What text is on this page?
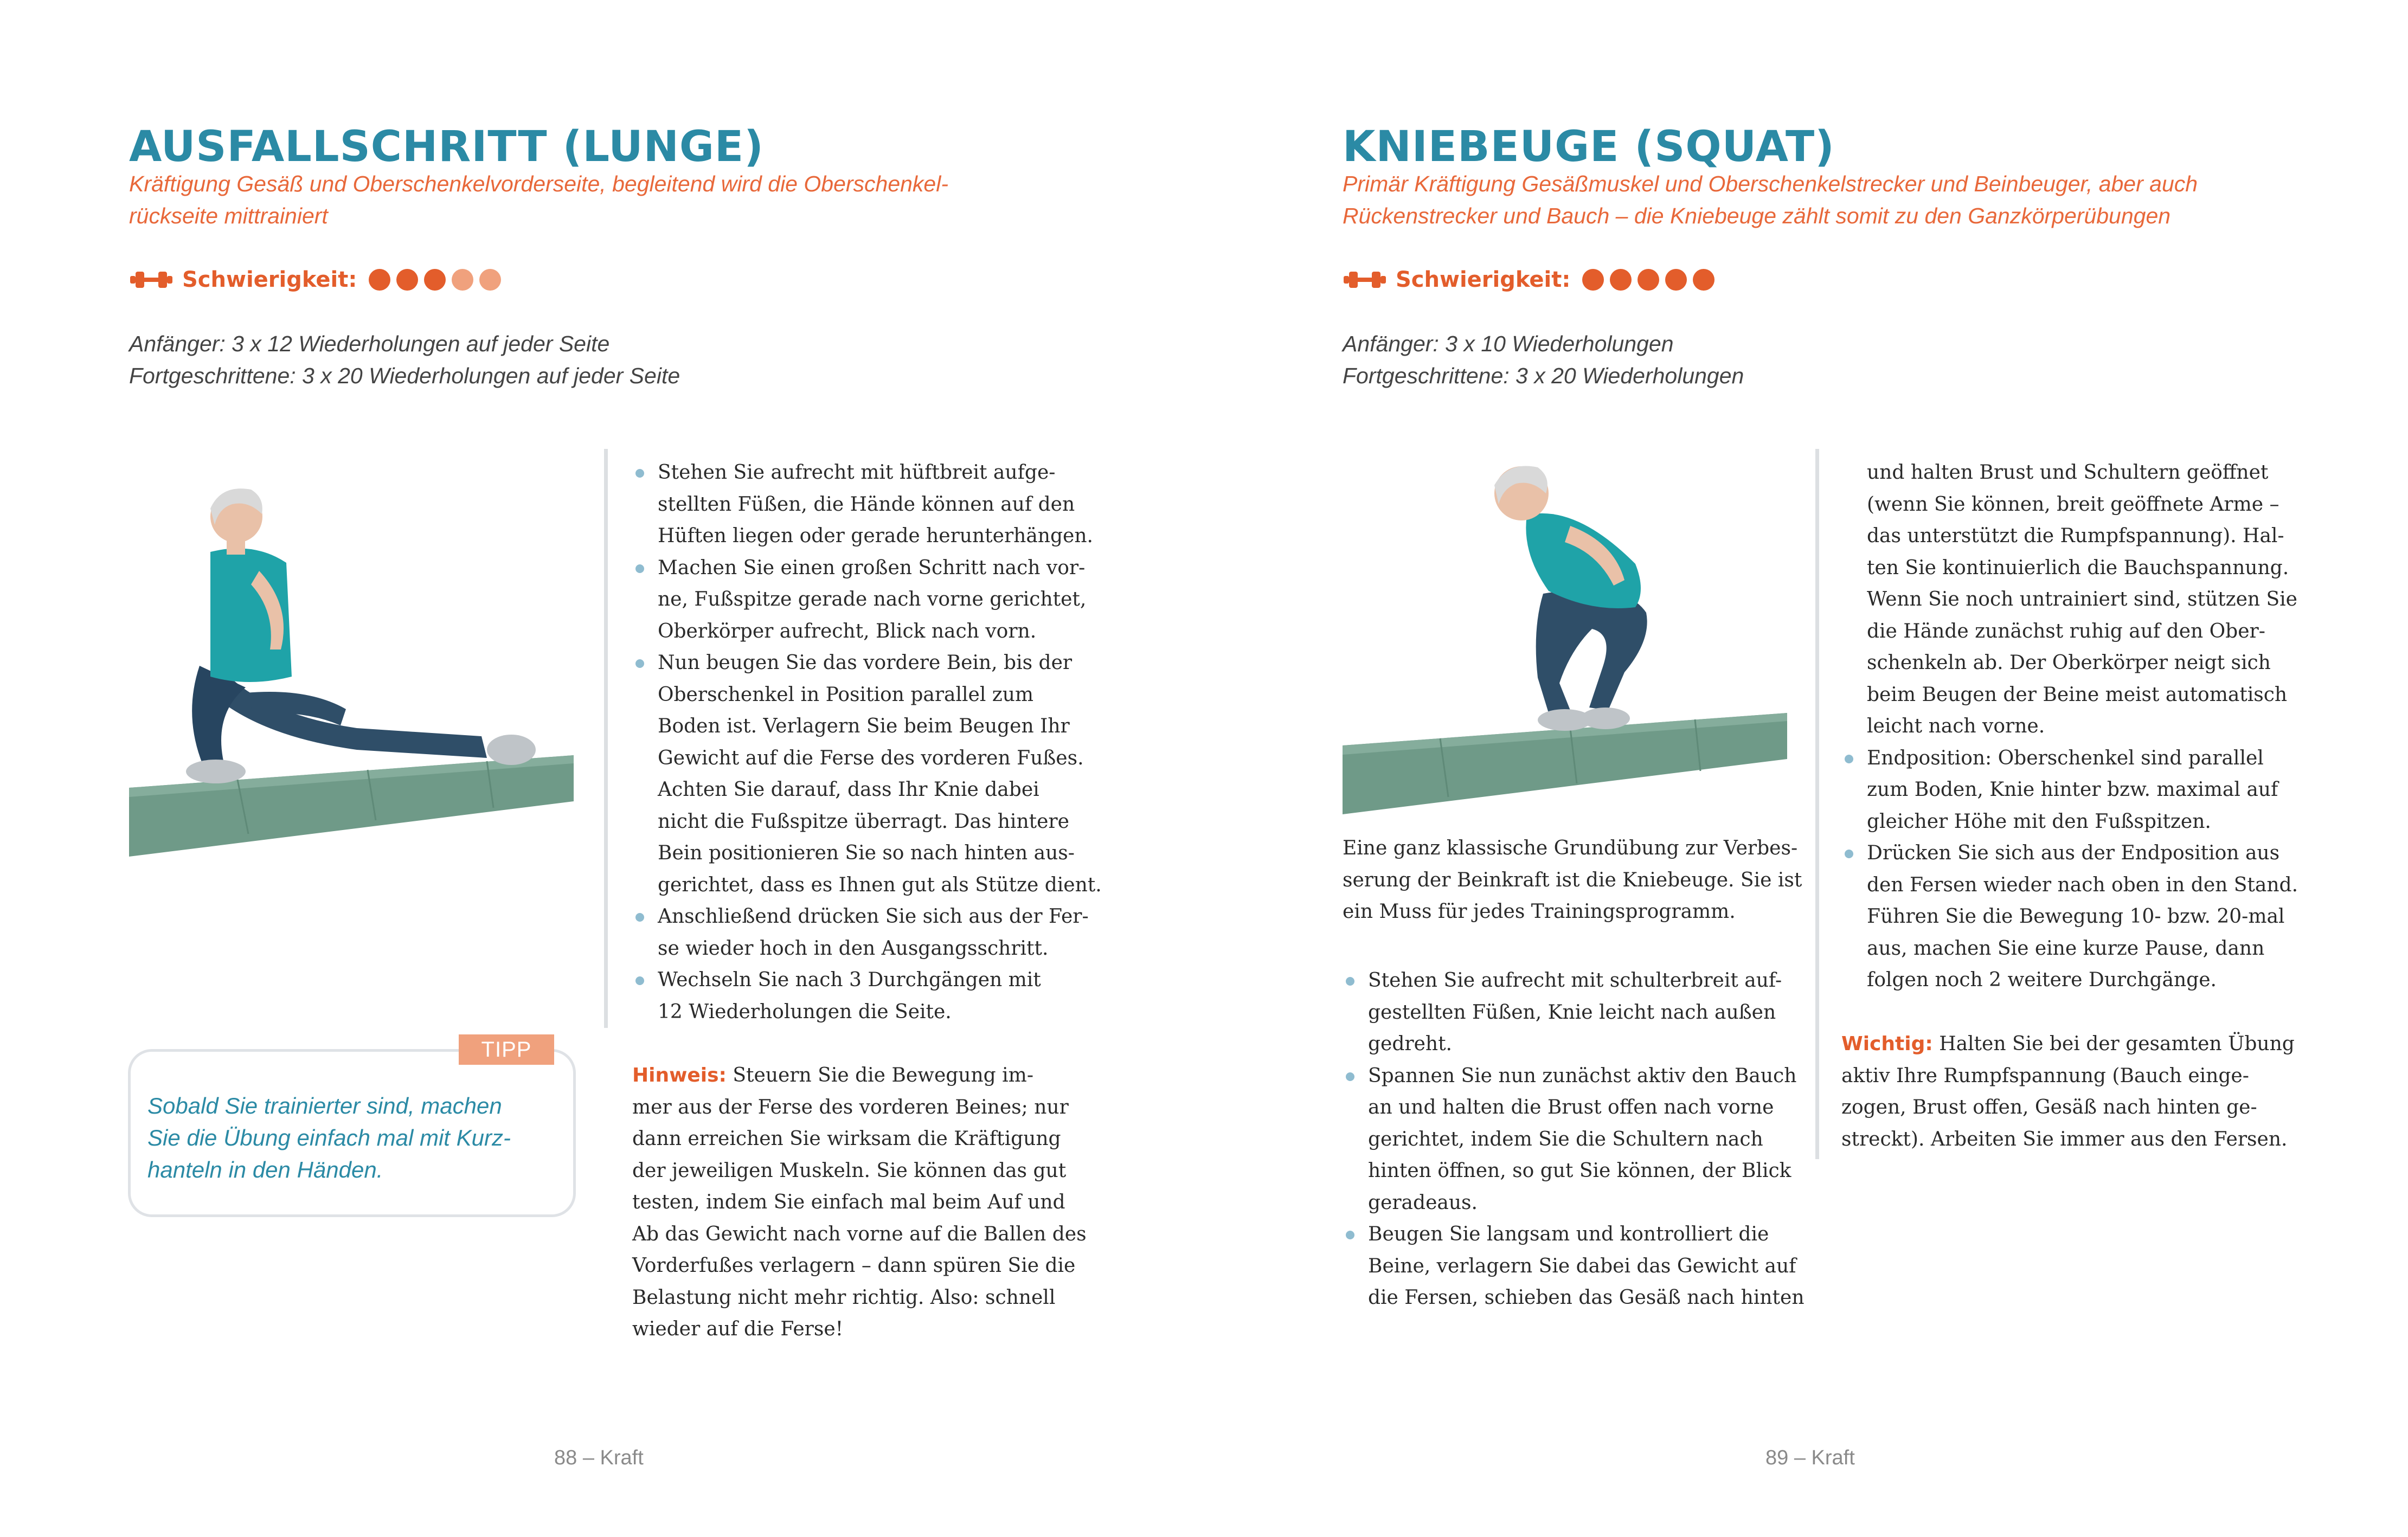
AUSFALLSCHRITT (LUNGE)
Kräftigung Gesäß und Oberschenkelvorderseite, begleitend wird die Oberschenkel-
rückseite mittrainiert
Schwierigkeit:
Anfänger: 3 x 12 Wiederholungen auf jeder Seite
Fortgeschrittene: 3 x 20 Wiederholungen auf jeder Seite
Stehen Sie aufrecht mit hüftbreit aufge-
stellten Füßen, die Hände können auf den
Hüften liegen oder gerade herunterhängen.
Machen Sie einen großen Schritt nach vor-
ne, Fußspitze gerade nach vorne gerichtet,
Oberkörper aufrecht, Blick nach vorn.
Nun beugen Sie das vordere Bein, bis der
Oberschenkel in Position parallel zum
Boden ist. Verlagern Sie beim Beugen Ihr
Gewicht auf die Ferse des vorderen Fußes.
Achten Sie darauf, dass Ihr Knie dabei
nicht die Fußspitze überragt. Das hintere
Bein positionieren Sie so nach hinten aus-
gerichtet, dass es Ihnen gut als Stütze dient.
Anschließend drücken Sie sich aus der Fer-
se wieder hoch in den Ausgangsschritt.
Wechseln Sie nach 3 Durchgängen mit
12 Wiederholungen die Seite.

Hinweis: Steuern Sie die Bewegung im-
mer aus der Ferse des vorderen Beines; nur
dann erreichen Sie wirksam die Kräftigung
der jeweiligen Muskeln. Sie können das gut
testen, indem Sie einfach mal beim Auf und
Ab das Gewicht nach vorne auf die Ballen des
Vorderfußes verlagern – dann spüren Sie die
Belastung nicht mehr richtig. Also: schnell
wieder auf die Ferse!

TIPP
Sobald Sie trainierter sind, machen
Sie die Übung einfach mal mit Kurz-
hanteln in den Händen.
88 – Kraft
KNIEBEUGE (SQUAT)
Primär Kräftigung Gesäßmuskel und Oberschenkelstrecker und Beinbeuger, aber auch
Rückenstrecker und Bauch – die Kniebeuge zählt somit zu den Ganzkörperübungen
Schwierigkeit:
Anfänger: 3 x 10 Wiederholungen
Fortgeschrittene: 3 x 20 Wiederholungen

Eine ganz klassische Grundübung zur Verbes-
serung der Beinkraft ist die Kniebeuge. Sie ist
ein Muss für jedes Trainingsprogramm.

Stehen Sie aufrecht mit schulterbreit auf-
gestellten Füßen, Knie leicht nach außen
gedreht.
Spannen Sie nun zunächst aktiv den Bauch
an und halten die Brust offen nach vorne
gerichtet, indem Sie die Schultern nach
hinten öffnen, so gut Sie können, der Blick
geradeaus.
Beugen Sie langsam und kontrolliert die
Beine, verlagern Sie dabei das Gewicht auf
die Fersen, schieben das Gesäß nach hinten
und halten Brust und Schultern geöffnet
(wenn Sie können, breit geöffnete Arme –
das unterstützt die Rumpfspannung). Hal-
ten Sie kontinuierlich die Bauchspannung.
Wenn Sie noch untrainiert sind, stützen Sie
die Hände zunächst ruhig auf den Ober-
schenkeln ab. Der Oberkörper neigt sich
beim Beugen der Beine meist automatisch
leicht nach vorne.
Endposition: Oberschenkel sind parallel
zum Boden, Knie hinter bzw. maximal auf
gleicher Höhe mit den Fußspitzen.
Drücken Sie sich aus der Endposition aus
den Fersen wieder nach oben in den Stand.
Führen Sie die Bewegung 10- bzw. 20-mal
aus, machen Sie eine kurze Pause, dann
folgen noch 2 weitere Durchgänge.

Wichtig: Halten Sie bei der gesamten Übung
aktiv Ihre Rumpfspannung (Bauch einge-
zogen, Brust offen, Gesäß nach hinten ge-
streckt). Arbeiten Sie immer aus den Fersen.

89 – Kraft
